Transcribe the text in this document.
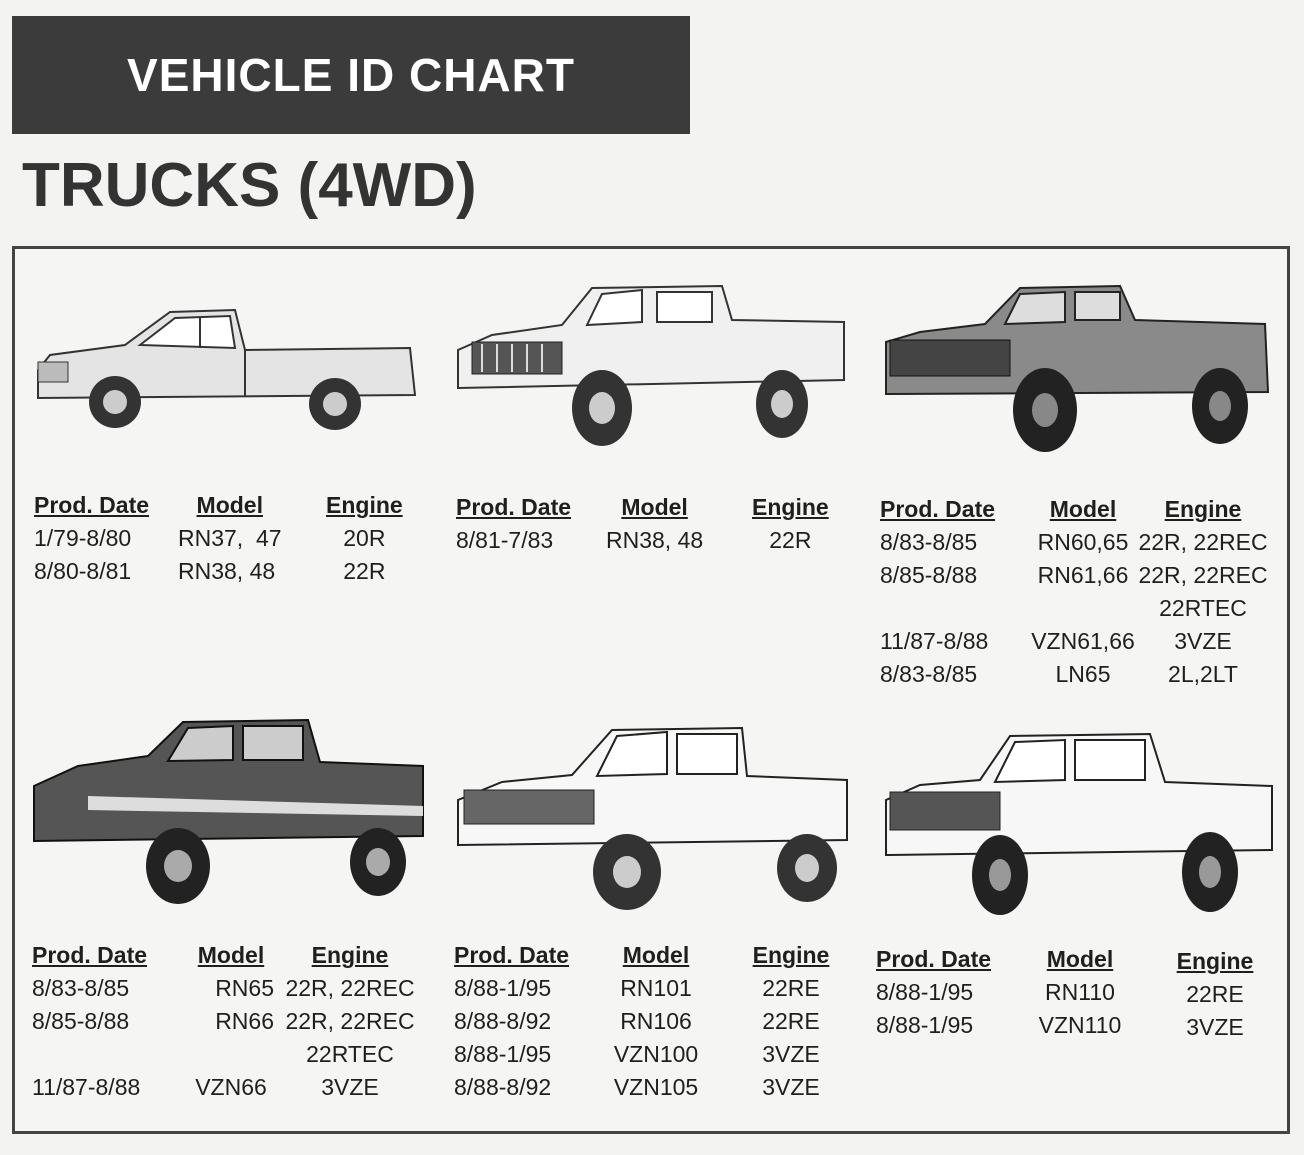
VEHICLE ID CHART
TRUCKS (4WD)
Prod. Date
1/79-8/80
8/80-8/81
Model
RN37,  47
RN38, 48
Engine
20R
22R
Prod. Date
8/81-7/83
Model
RN38, 48
Engine
22R
Prod. Date
8/83-8/85
8/85-8/88
11/87-8/88
8/83-8/85
Model
RN60,65
RN61,66
VZN61,66
LN65
Engine
22R, 22REC
22R, 22REC
22RTEC
3VZE
2L,2LT
Prod. Date
8/83-8/85
8/85-8/88
11/87-8/88
Model
RN65
RN66
VZN66
Engine
22R, 22REC
22R, 22REC
22RTEC
3VZE
Prod. Date
8/88-1/95
8/88-8/92
8/88-1/95
8/88-8/92
Model
RN101
RN106
VZN100
VZN105
Engine
22RE
22RE
3VZE
3VZE
Prod. Date
8/88-1/95
8/88-1/95
Model
RN110
VZN110
Engine
22RE
3VZE
